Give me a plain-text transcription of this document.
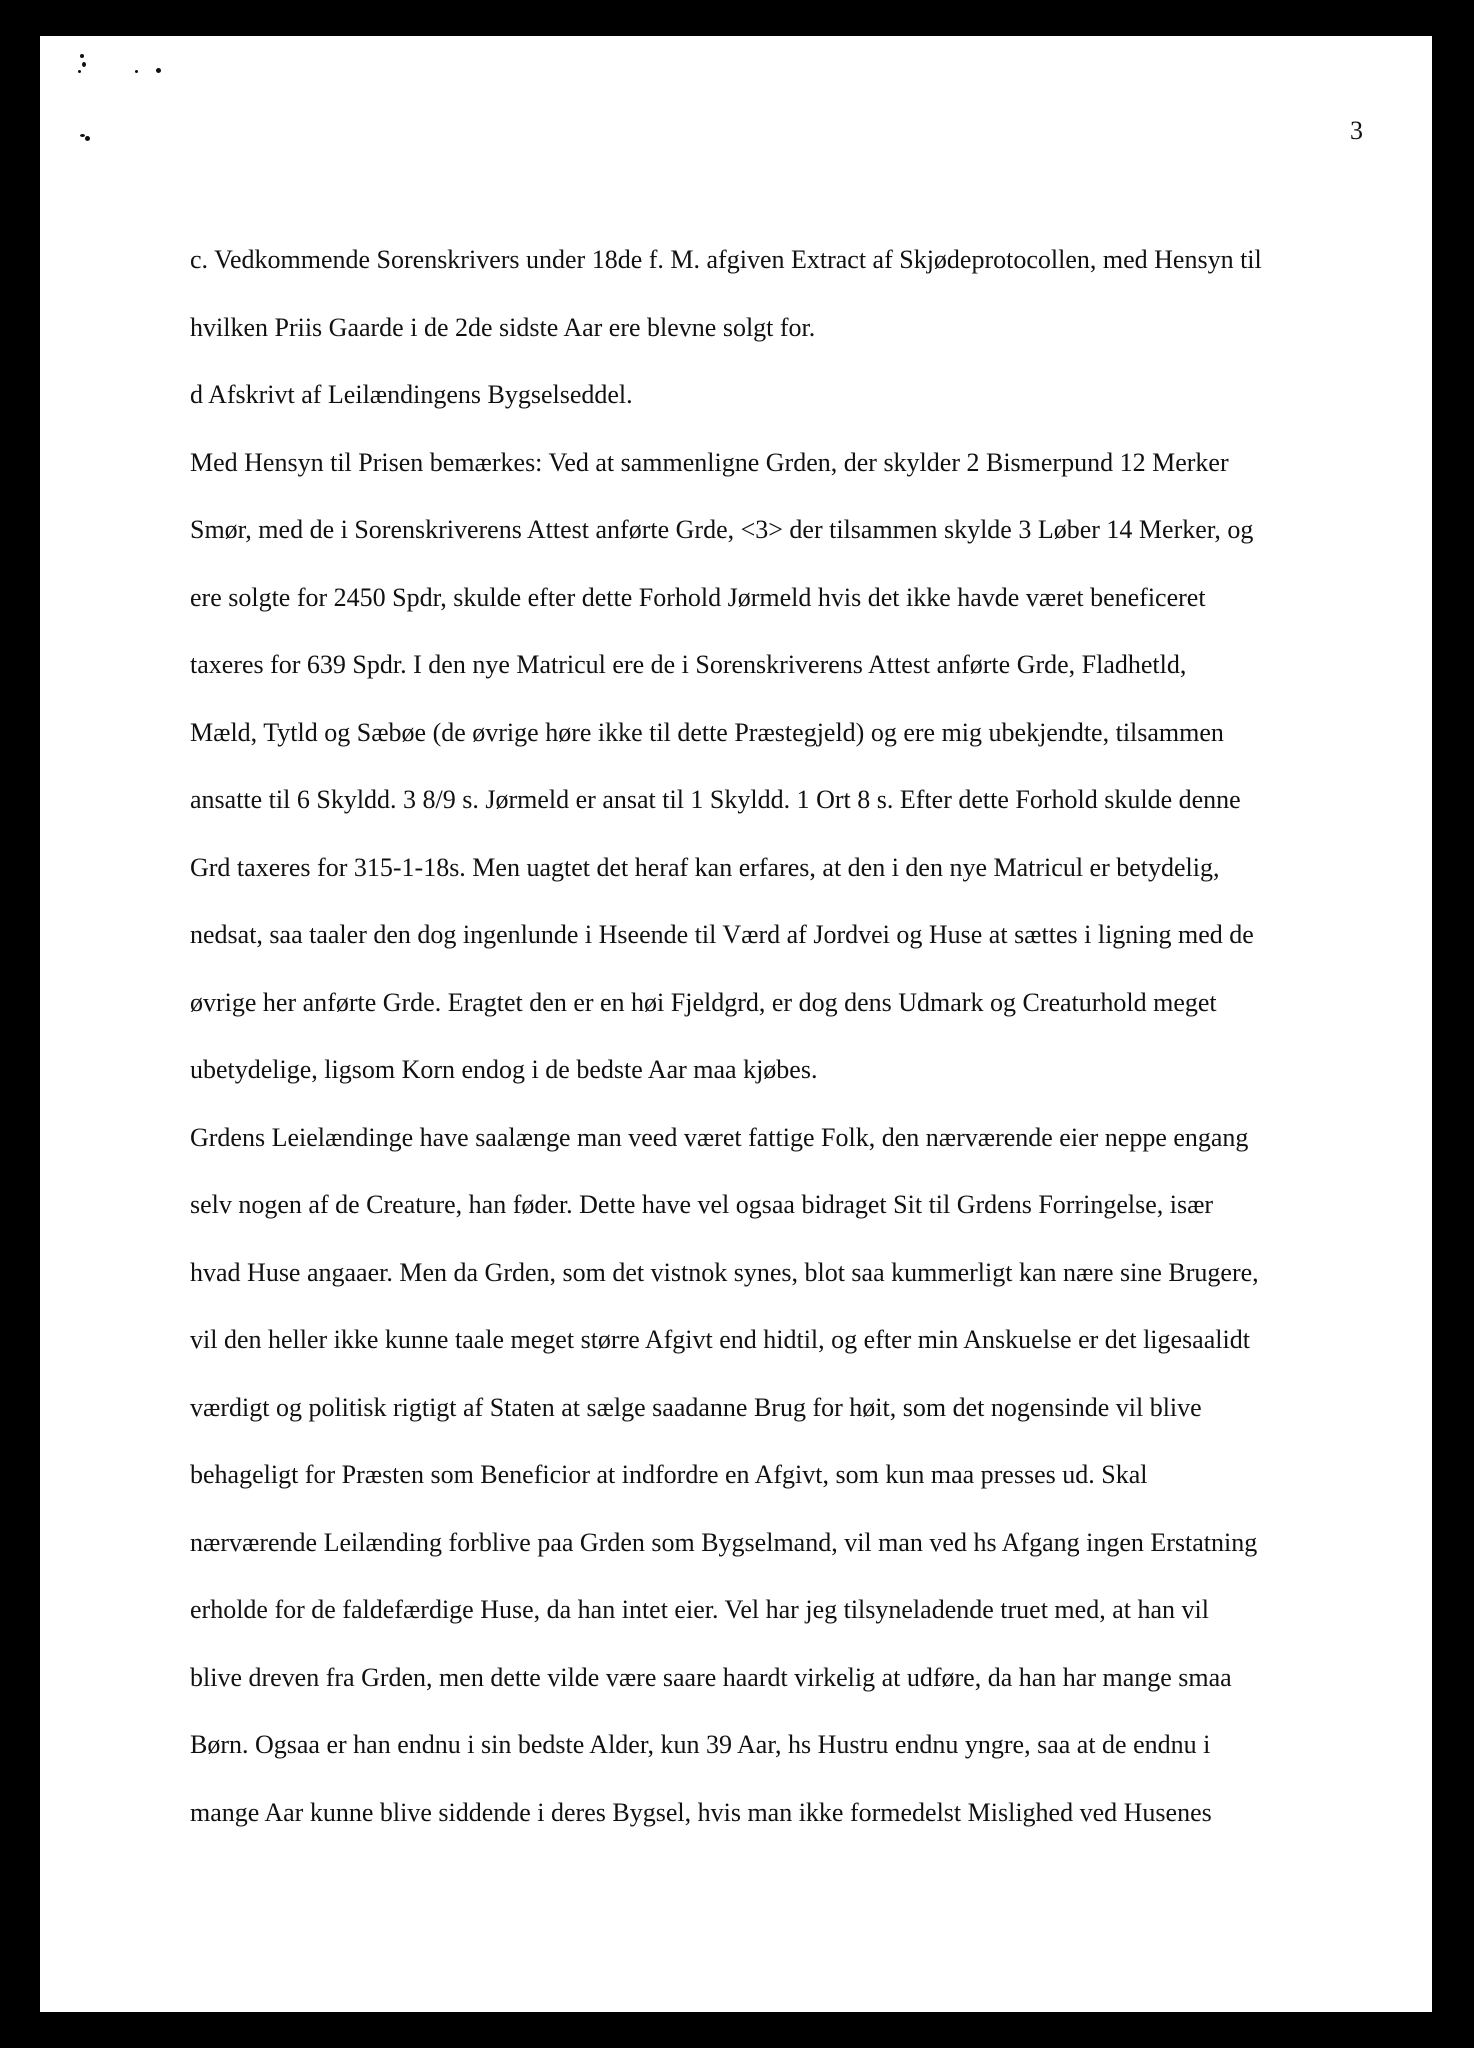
3
c. Vedkommende Sorenskrivers under 18de f. M. afgiven Extract af Skjødeprotocollen, med Hensyn til
hvilken Priis Gaarde i de 2de sidste Aar ere blevne solgt for.
d Afskrivt af Leilændingens Bygselseddel.
Med Hensyn til Prisen bemærkes: Ved at sammenligne Grden, der skylder 2 Bismerpund 12 Merker
Smør, med de i Sorenskriverens Attest anførte Grde, <3> der tilsammen skylde 3 Løber 14 Merker, og
ere solgte for 2450 Spdr, skulde efter dette Forhold Jørmeld hvis det ikke havde været beneficeret
taxeres for 639 Spdr. I den nye Matricul ere de i Sorenskriverens Attest anførte Grde, Fladhetld,
Mæld, Tytld og Sæbøe (de øvrige høre ikke til dette Præstegjeld) og ere mig ubekjendte, tilsammen
ansatte til 6 Skyldd. 3 8/9 s. Jørmeld er ansat til 1 Skyldd. 1 Ort 8 s. Efter dette Forhold skulde denne
Grd taxeres for 315-1-18s. Men uagtet det heraf kan erfares, at den i den nye Matricul er betydelig,
nedsat, saa taaler den dog ingenlunde i Hseende til Værd af Jordvei og Huse at sættes i ligning med de
øvrige her anførte Grde. Eragtet den er en høi Fjeldgrd, er dog dens Udmark og Creaturhold meget
ubetydelige, ligsom Korn endog i de bedste Aar maa kjøbes.
Grdens Leielændinge have saalænge man veed været fattige Folk, den nærværende eier neppe engang
selv nogen af de Creature, han føder. Dette have vel ogsaa bidraget Sit til Grdens Forringelse, især
hvad Huse angaaer. Men da Grden, som det vistnok synes, blot saa kummerligt kan nære sine Brugere,
vil den heller ikke kunne taale meget større Afgivt end hidtil, og efter min Anskuelse er det ligesaalidt
værdigt og politisk rigtigt af Staten at sælge saadanne Brug for høit, som det nogensinde vil blive
behageligt for Præsten som Beneficior at indfordre en Afgivt, som kun maa presses ud. Skal
nærværende Leilænding forblive paa Grden som Bygselmand, vil man ved hs Afgang ingen Erstatning
erholde for de faldefærdige Huse, da han intet eier. Vel har jeg tilsyneladende truet med, at han vil
blive dreven fra Grden, men dette vilde være saare haardt virkelig at udføre, da han har mange smaa
Børn. Ogsaa er han endnu i sin bedste Alder, kun 39 Aar, hs Hustru endnu yngre, saa at de endnu i
mange Aar kunne blive siddende i deres Bygsel, hvis man ikke formedelst Mislighed ved Husenes
